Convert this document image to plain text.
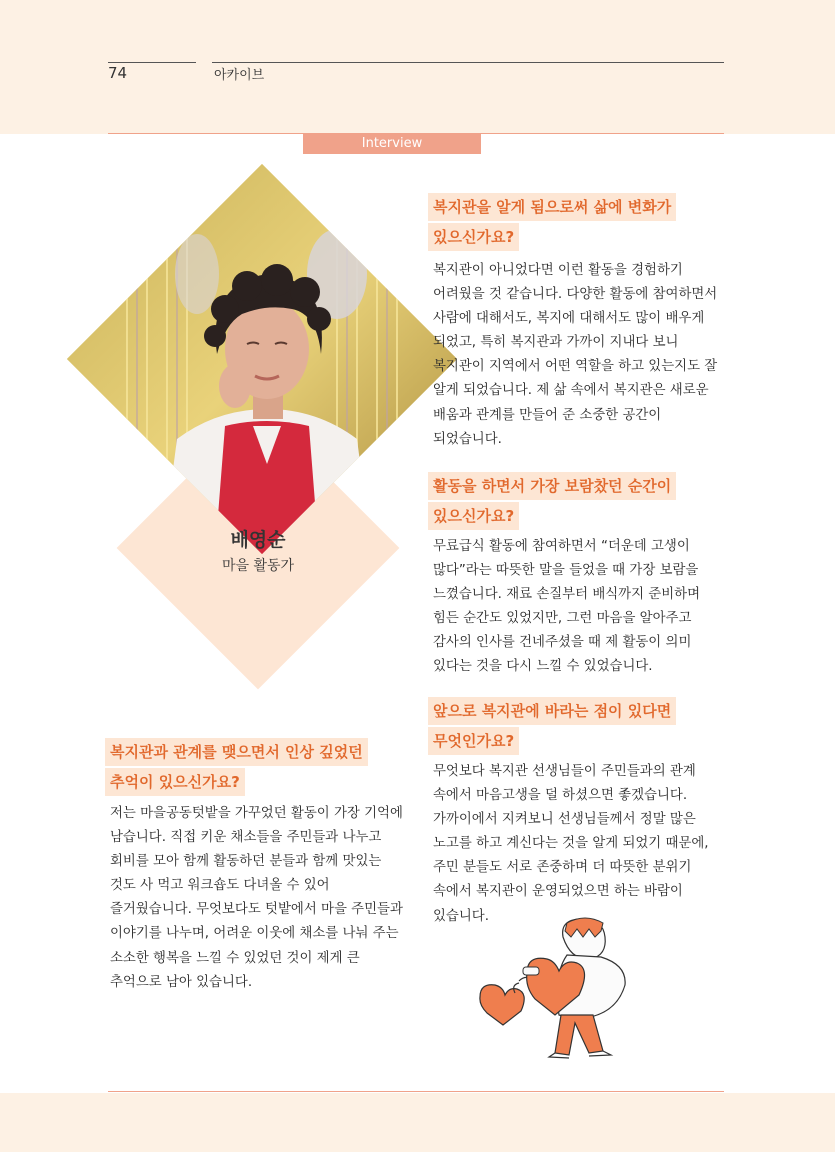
74	아카이브
Interview
배영순
마을 활동가
복지관을 알게 됨으로써 삶에 변화가
있으신가요?
복지관이 아니었다면 이런 활동을 경험하기 어려웠을 것 같습니다. 다양한 활동에 참여하면서 사람에 대해서도, 복지에 대해서도 많이 배우게 되었고, 특히 복지관과 가까이 지내다 보니 복지관이 지역에서 어떤 역할을 하고 있는지도 잘 알게 되었습니다. 제 삶 속에서 복지관은 새로운 배움과 관계를 만들어 준 소중한 공간이 되었습니다.
활동을 하면서 가장 보람찼던 순간이
있으신가요?
무료급식 활동에 참여하면서 “더운데 고생이 많다”라는 따뜻한 말을 들었을 때 가장 보람을 느꼈습니다. 재료 손질부터 배식까지 준비하며 힘든 순간도 있었지만, 그런 마음을 알아주고 감사의 인사를 건네주셨을 때 제 활동이 의미 있다는 것을 다시 느낄 수 있었습니다.
앞으로 복지관에 바라는 점이 있다면
무엇인가요?
무엇보다 복지관 선생님들이 주민들과의 관계 속에서 마음고생을 덜 하셨으면 좋겠습니다. 가까이에서 지켜보니 선생님들께서 정말 많은 노고를 하고 계신다는 것을 알게 되었기 때문에, 주민 분들도 서로 존중하며 더 따뜻한 분위기 속에서 복지관이 운영되었으면 하는 바람이 있습니다.
복지관과 관계를 맺으면서 인상 깊었던
추억이 있으신가요?
저는 마을공동텃밭을 가꾸었던 활동이 가장 기억에 남습니다. 직접 키운 채소들을 주민들과 나누고 회비를 모아 함께 활동하던 분들과 함께 맛있는 것도 사 먹고 워크숍도 다녀올 수 있어 즐거웠습니다. 무엇보다도 텃밭에서 마을 주민들과 이야기를 나누며, 어려운 이웃에 채소를 나눠 주는 소소한 행복을 느낄 수 있었던 것이 제게 큰 추억으로 남아 있습니다.
